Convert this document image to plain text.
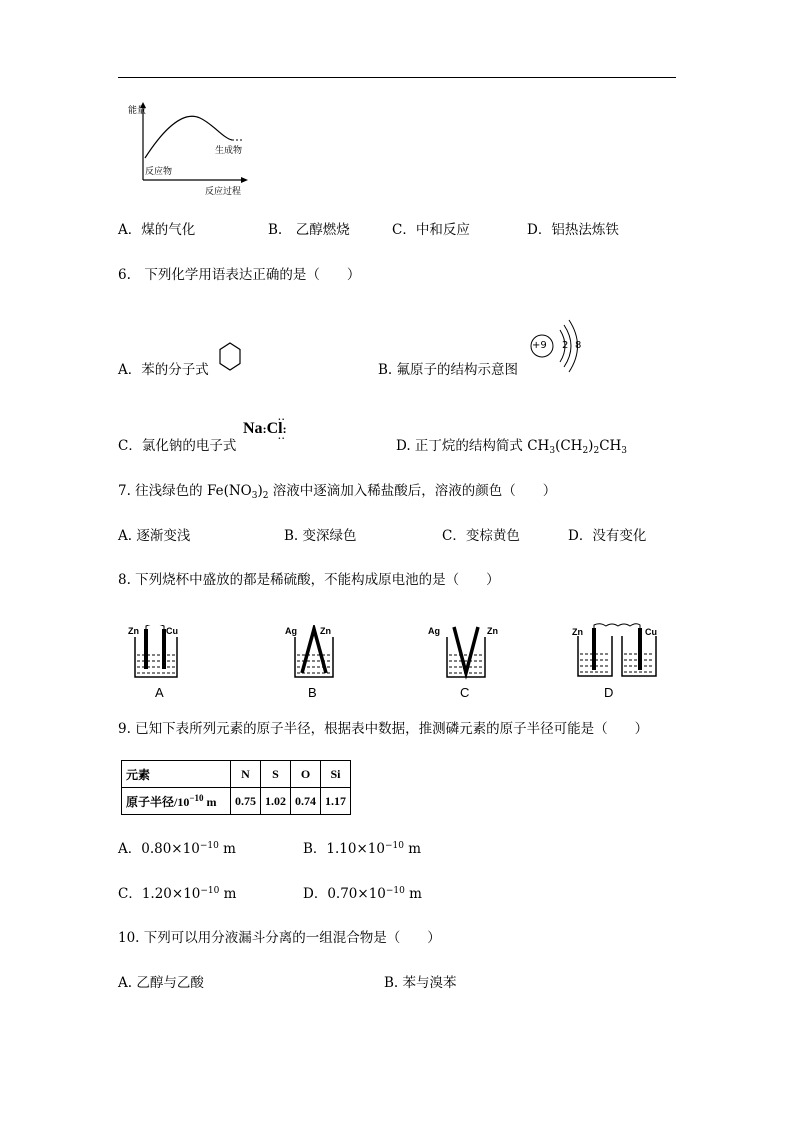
能量
生成物
反应物
反应过程
A．煤的气化	B.　乙醇燃烧	C．中和反应	D．铝热法炼铁
6.　下列化学用语表达正确的是（　　）
A．苯的分子式	B. 氟原子的结构示意图
+9 2 8
C．氯化钠的电子式
Na:Cl:
··
··	D. 正丁烷的结构简式 $CH_3(CH_2)_2CH_3$
7. 往浅绿色的 $Fe(NO_3)_2$ 溶液中逐滴加入稀盐酸后，溶液的颜色（　　）
A. 逐渐变浅	B. 变深绿色	C．变棕黄色	D．没有变化
8. 下列烧杯中盛放的都是稀硫酸，不能构成原电池的是（　　）
Zn	Cu
A
Ag	Zn
B
Ag	Zn
C
Zn	Cu
D
9. 已知下表所列元素的原子半径，根据表中数据，推测磷元素的原子半径可能是（　　）
元素	N	S	O	Si
原子半径$/10^{-10}$ m	0.75	1.02	0.74	1.17
A．$0.80\times 10^{-10}$ m	B．$1.10\times 10^{-10}$ m
C．$1.20\times 10^{-10}$ m	D．$0.70\times 10^{-10}$ m
10. 下列可以用分液漏斗分离的一组混合物是（　　）
A. 乙醇与乙酸	B. 苯与溴苯
